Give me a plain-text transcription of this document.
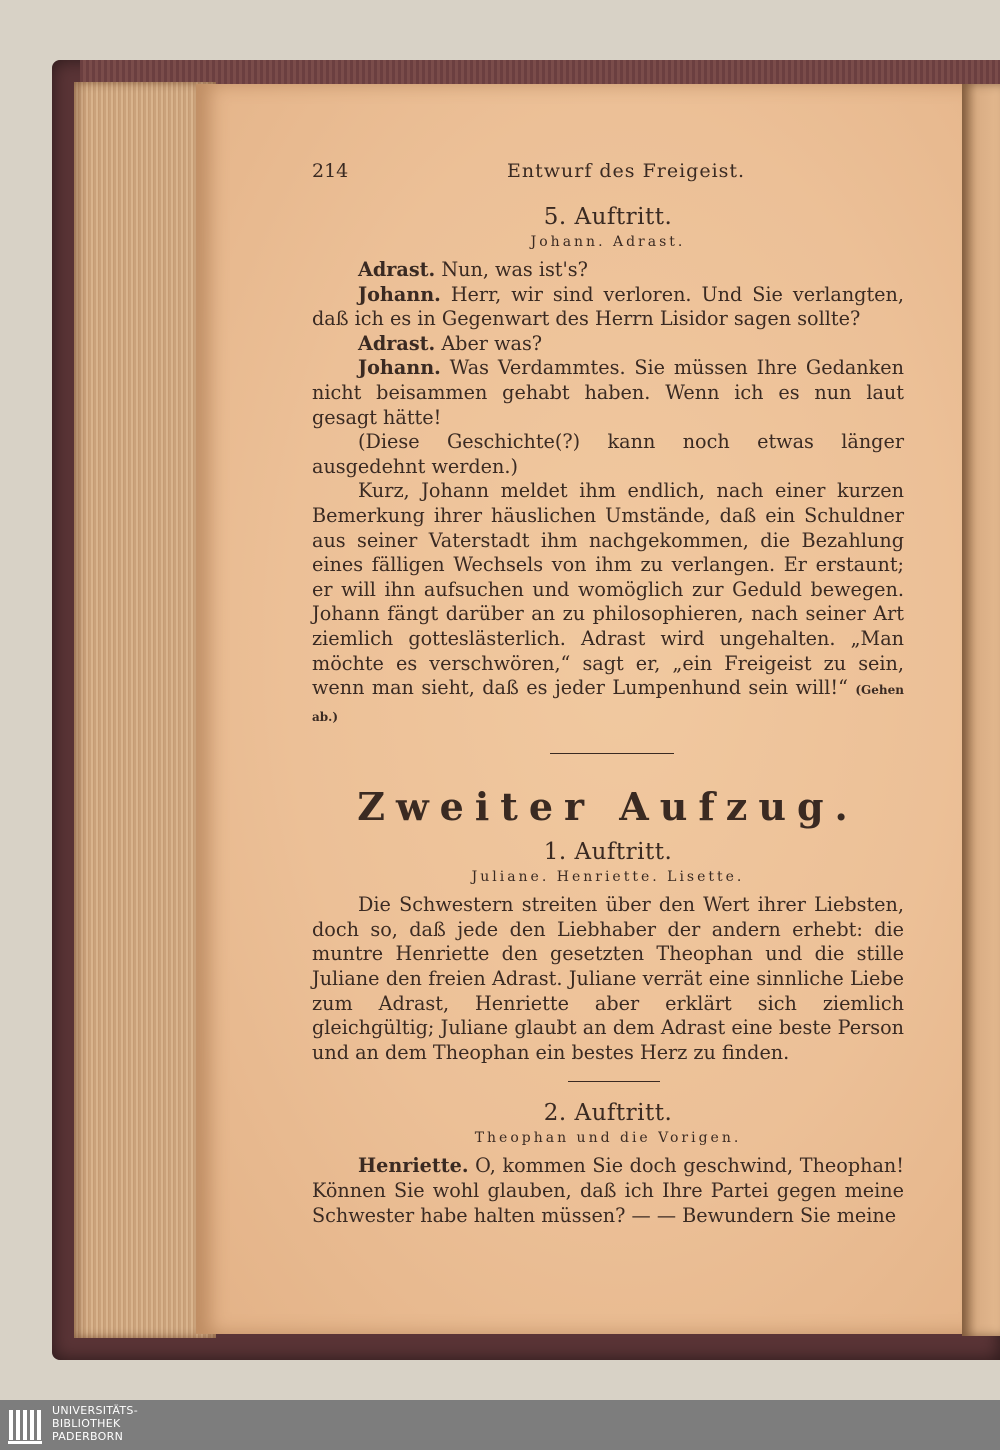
214	Entwurf des Freigeist.
5. Auftritt.
Johann. Adrast.

Adrast. Nun, was ist's?

Johann. Herr, wir sind verloren. Und Sie verlangten, daß ich es in Gegenwart des Herrn Lisidor sagen sollte?

Adrast. Aber was?

Johann. Was Verdammtes. Sie müssen Ihre Gedanken nicht beisammen gehabt haben. Wenn ich es nun laut gesagt hätte!

(Diese Geschichte(?) kann noch etwas länger ausgedehnt werden.)

Kurz, Johann meldet ihm endlich, nach einer kurzen Bemerkung ihrer häuslichen Umstände, daß ein Schuldner aus seiner Vaterstadt ihm nachgekommen, die Bezahlung eines fälligen Wechsels von ihm zu verlangen. Er erstaunt; er will ihn aufsuchen und womöglich zur Geduld bewegen. Johann fängt darüber an zu philosophieren, nach seiner Art ziemlich gotteslästerlich. Adrast wird ungehalten. „Man möchte es verschwören,“ sagt er, „ein Freigeist zu sein, wenn man sieht, daß es jeder Lumpenhund sein will!“ (Gehen ab.)

Zweiter Aufzug.
1. Auftritt.
Juliane. Henriette. Lisette.

Die Schwestern streiten über den Wert ihrer Liebsten, doch so, daß jede den Liebhaber der andern erhebt: die muntre Henriette den gesetzten Theophan und die stille Juliane den freien Adrast. Juliane verrät eine sinnliche Liebe zum Adrast, Henriette aber erklärt sich ziemlich gleichgültig; Juliane glaubt an dem Adrast eine beste Person und an dem Theophan ein bestes Herz zu finden.

2. Auftritt.
Theophan und die Vorigen.

Henriette. O, kommen Sie doch geschwind, Theophan! Können Sie wohl glauben, daß ich Ihre Partei gegen meine Schwester habe halten müssen? — — Bewundern Sie meine

UNIVERSITÄTS-
BIBLIOTHEK
PADERBORN
